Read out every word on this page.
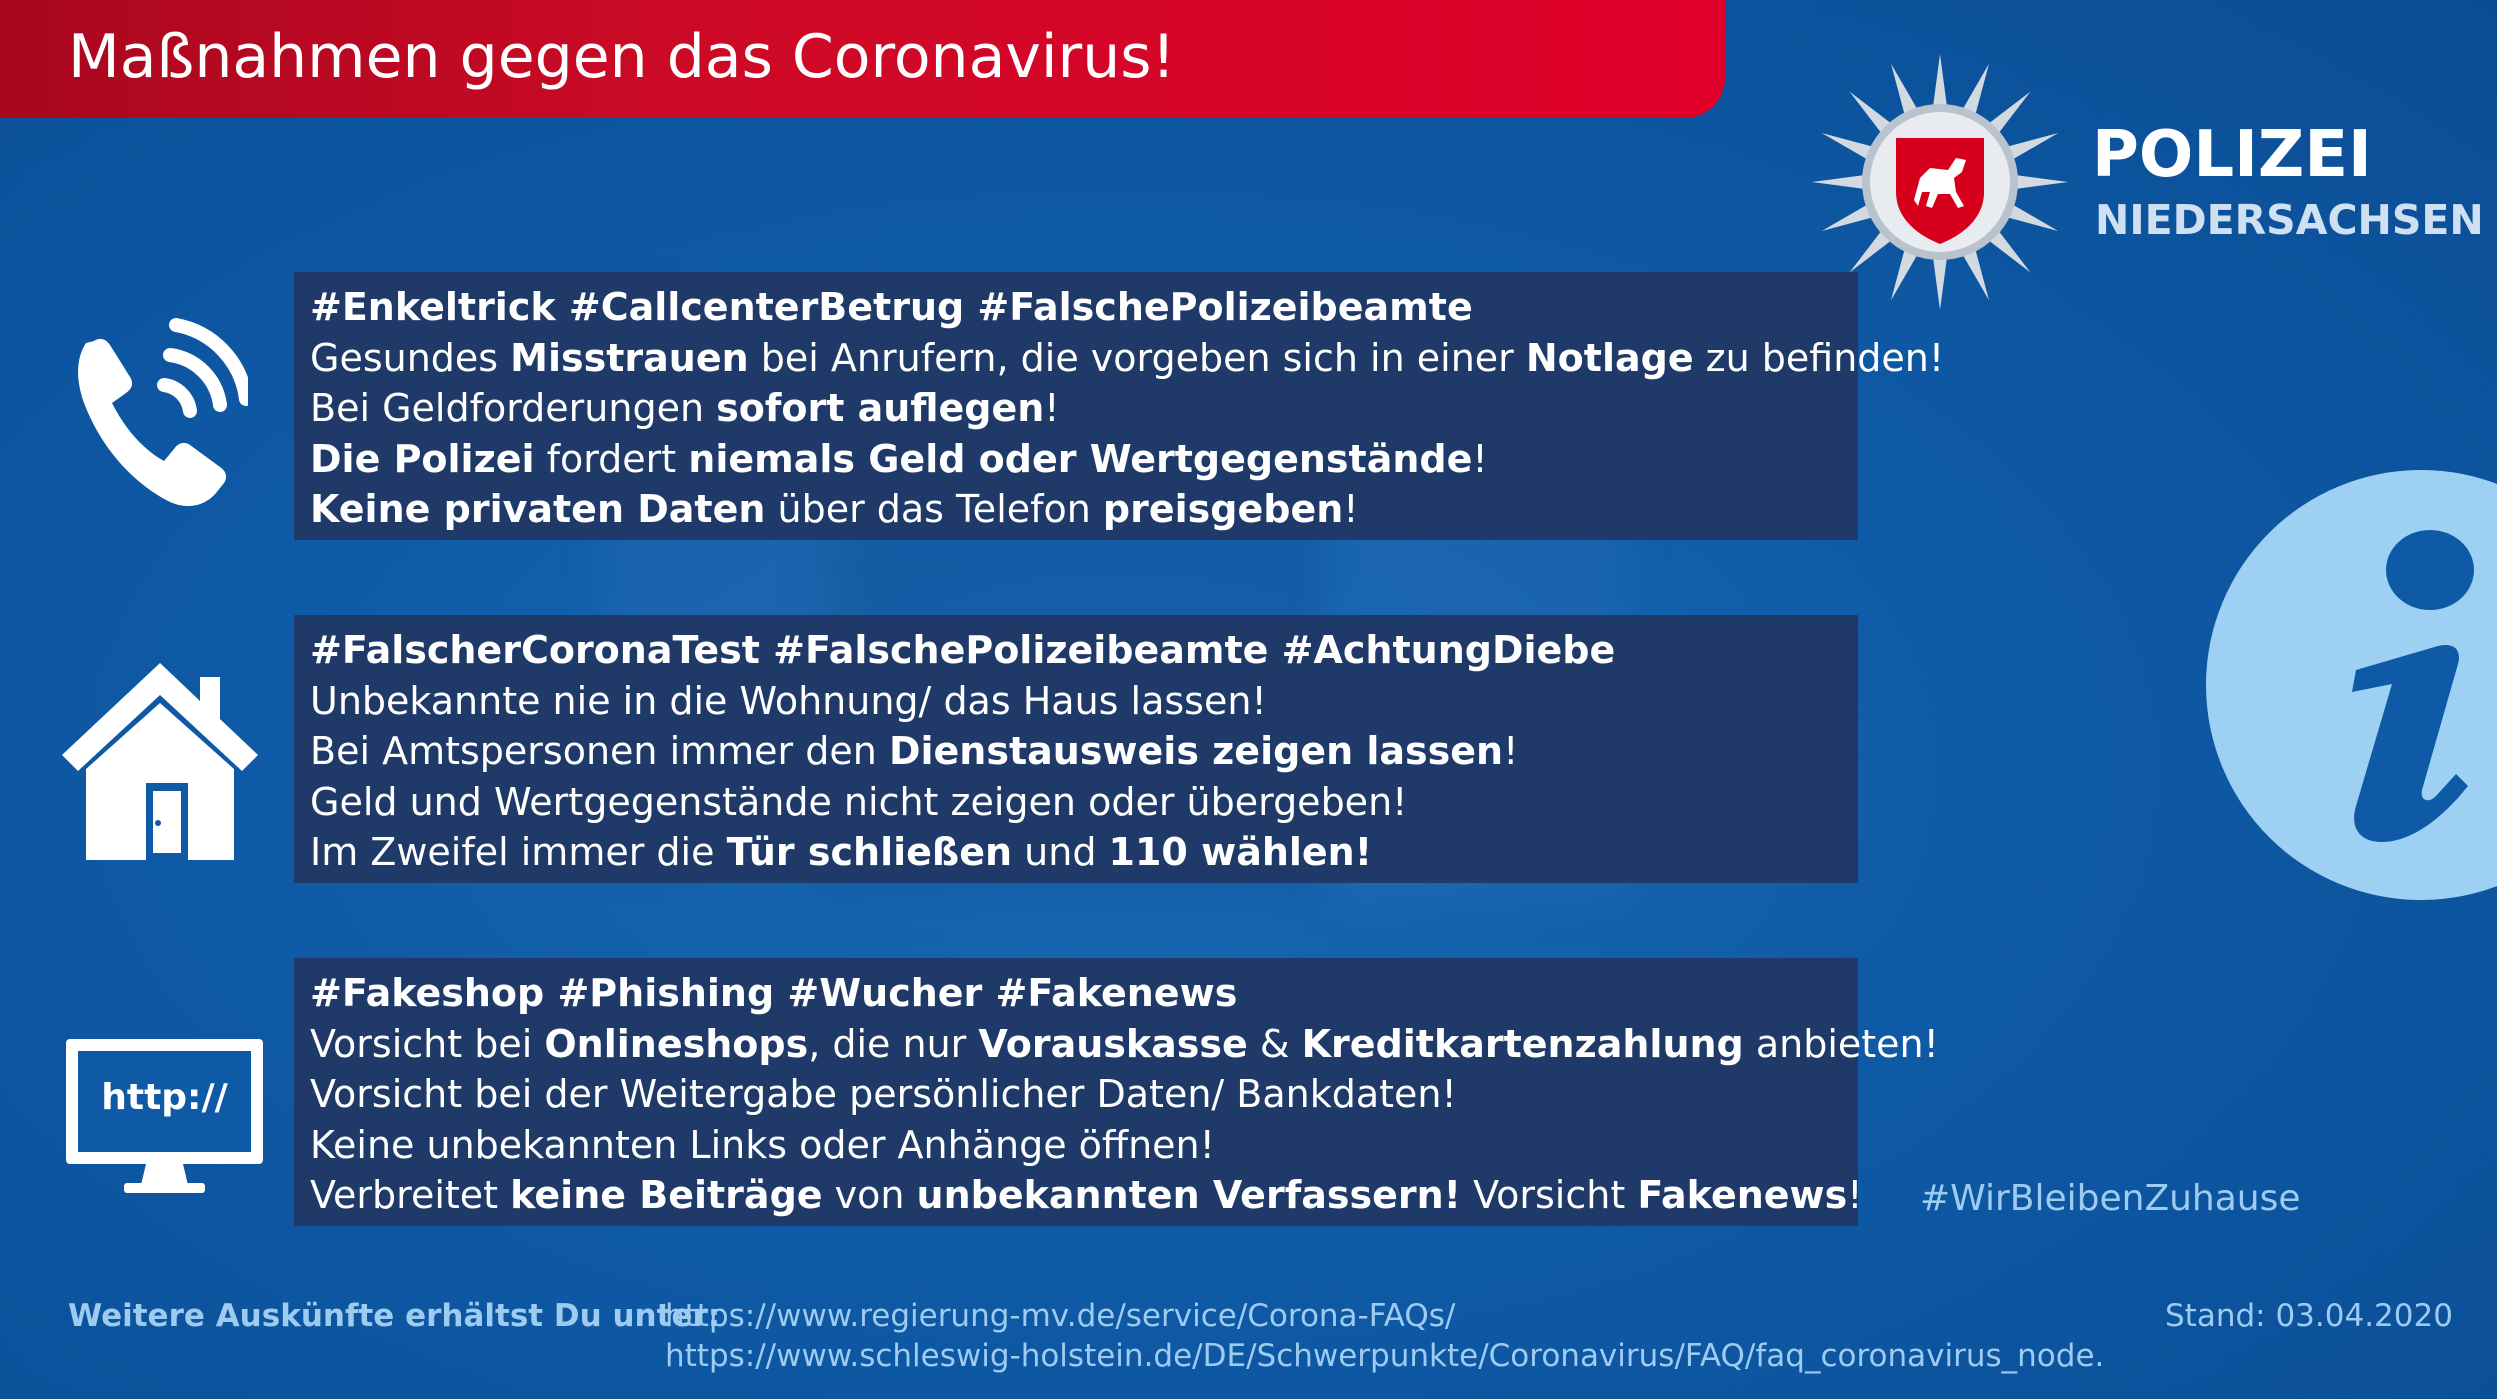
Maßnahmen gegen das Coronavirus!
POLIZEI
NIEDERSACHSEN
http://
#Enkeltrick #CallcenterBetrug #FalschePolizeibeamte
Gesundes Misstrauen bei Anrufern, die vorgeben sich in einer Notlage zu befinden!
Bei Geldforderungen sofort auflegen!
Die Polizei fordert niemals Geld oder Wertgegenstände!
Keine privaten Daten über das Telefon preisgeben!
#FalscherCoronaTest #FalschePolizeibeamte #AchtungDiebe
Unbekannte nie in die Wohnung/ das Haus lassen!
Bei Amtspersonen immer den Dienstausweis zeigen lassen!
Geld und Wertgegenstände nicht zeigen oder übergeben!
Im Zweifel immer die Tür schließen und 110 wählen!
#Fakeshop #Phishing #Wucher #Fakenews
Vorsicht bei Onlineshops, die nur Vorauskasse & Kreditkartenzahlung anbieten!
Vorsicht bei der Weitergabe persönlicher Daten/ Bankdaten!
Keine unbekannten Links oder Anhänge öffnen!
Verbreitet keine Beiträge von unbekannten Verfassern! Vorsicht Fakenews! #WirBleibenZuhause
Weitere Auskünfte erhältst Du unter:
https://www.regierung-mv.de/service/Corona-FAQs/
https://www.schleswig-holstein.de/DE/Schwerpunkte/Coronavirus/FAQ/faq_coronavirus_node.
Stand: 03.04.2020
